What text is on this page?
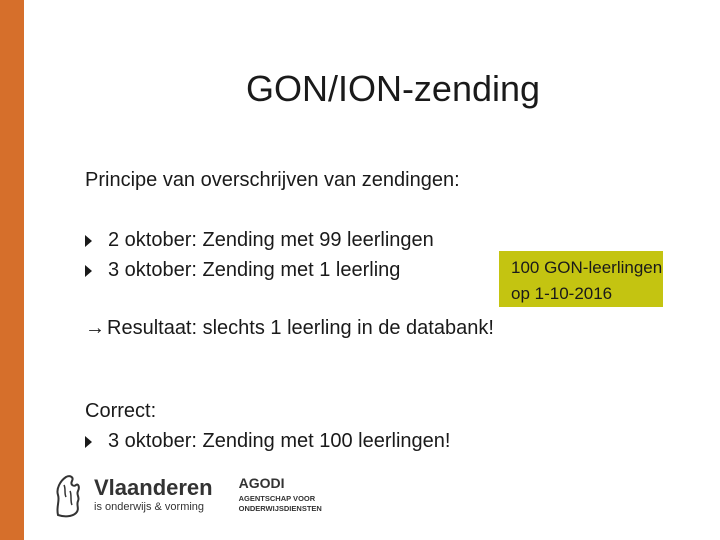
GON/ION-zending
Principe van overschrijven van zendingen:
2 oktober: Zending met 99 leerlingen
3 oktober: Zending met 1 leerling	100 GON-leerlingen
op 1-10-2016
→ Resultaat: slechts 1 leerling in de databank!
Correct:
3 oktober: Zending met 100 leerlingen!
Vlaanderen
is onderwijs & vorming
AGODI
AGENTSCHAP VOOR
ONDERWIJSDIENSTEN
